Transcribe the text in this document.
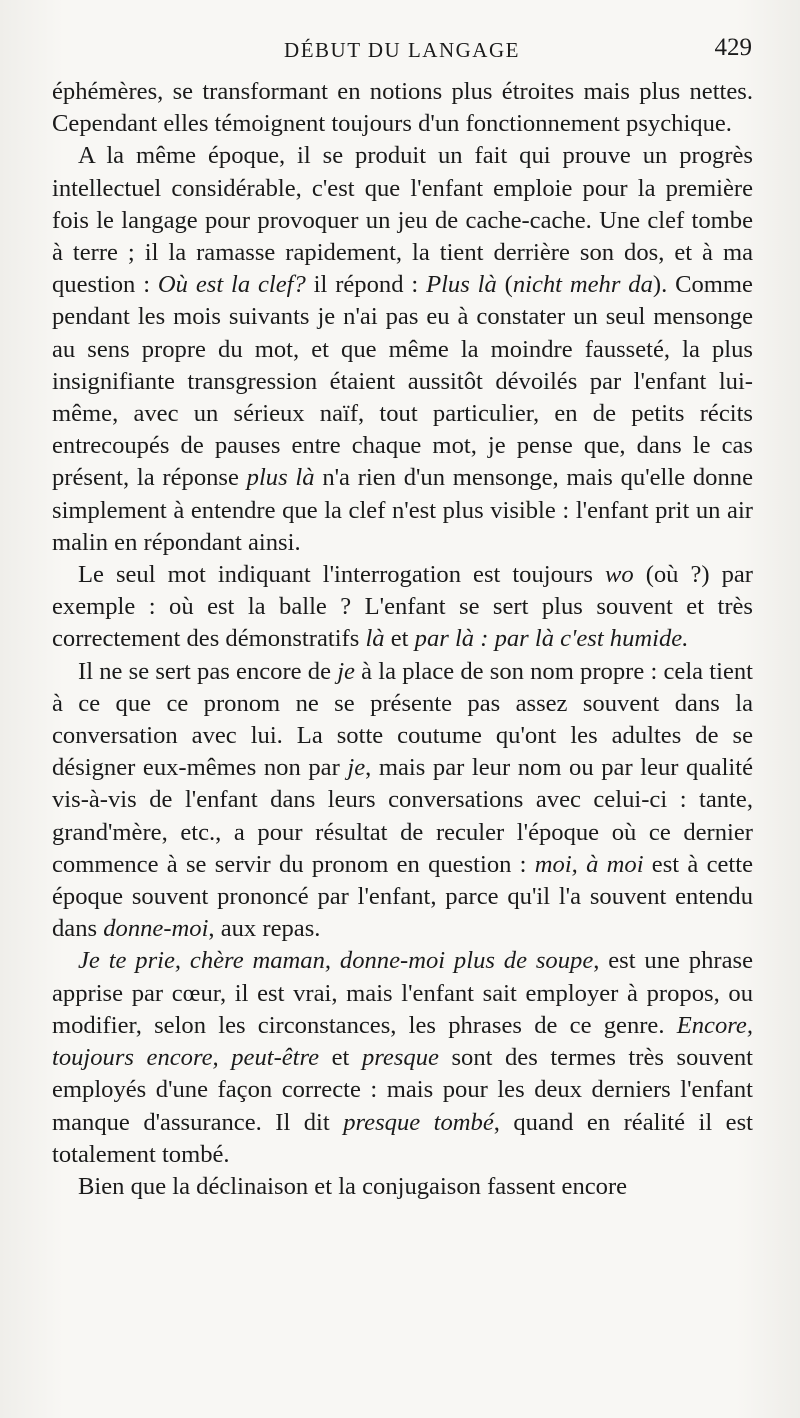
DÉBUT DU LANGAGE	429

éphémères, se transformant en notions plus étroites mais plus nettes. Cependant elles témoignent toujours d'un fonctionnement psychique.

A la même époque, il se produit un fait qui prouve un progrès intellectuel considérable, c'est que l'enfant emploie pour la première fois le langage pour provoquer un jeu de cache-cache. Une clef tombe à terre ; il la ramasse rapidement, la tient derrière son dos, et à ma question : Où est la clef? il répond : Plus là (nicht mehr da). Comme pendant les mois suivants je n'ai pas eu à constater un seul mensonge au sens propre du mot, et que même la moindre fausseté, la plus insignifiante transgression étaient aussitôt dévoilés par l'enfant lui-même, avec un sérieux naïf, tout particulier, en de petits récits entrecoupés de pauses entre chaque mot, je pense que, dans le cas présent, la réponse plus là n'a rien d'un mensonge, mais qu'elle donne simplement à entendre que la clef n'est plus visible : l'enfant prit un air malin en répondant ainsi.

Le seul mot indiquant l'interrogation est toujours wo (où ?) par exemple : où est la balle ? L'enfant se sert plus souvent et très correctement des démonstratifs là et par là : par là c'est humide.

Il ne se sert pas encore de je à la place de son nom propre : cela tient à ce que ce pronom ne se présente pas assez souvent dans la conversation avec lui. La sotte coutume qu'ont les adultes de se désigner eux-mêmes non par je, mais par leur nom ou par leur qualité vis-à-vis de l'enfant dans leurs conversations avec celui-ci : tante, grand'mère, etc., a pour résultat de reculer l'époque où ce dernier commence à se servir du pronom en question : moi, à moi est à cette époque souvent prononcé par l'enfant, parce qu'il l'a souvent entendu dans donne-moi, aux repas.

Je te prie, chère maman, donne-moi plus de soupe, est une phrase apprise par cœur, il est vrai, mais l'enfant sait employer à propos, ou modifier, selon les circonstances, les phrases de ce genre. Encore, toujours encore, peut-être et presque sont des termes très souvent employés d'une façon correcte : mais pour les deux derniers l'enfant manque d'assurance. Il dit presque tombé, quand en réalité il est totalement tombé.

Bien que la déclinaison et la conjugaison fassent encore
